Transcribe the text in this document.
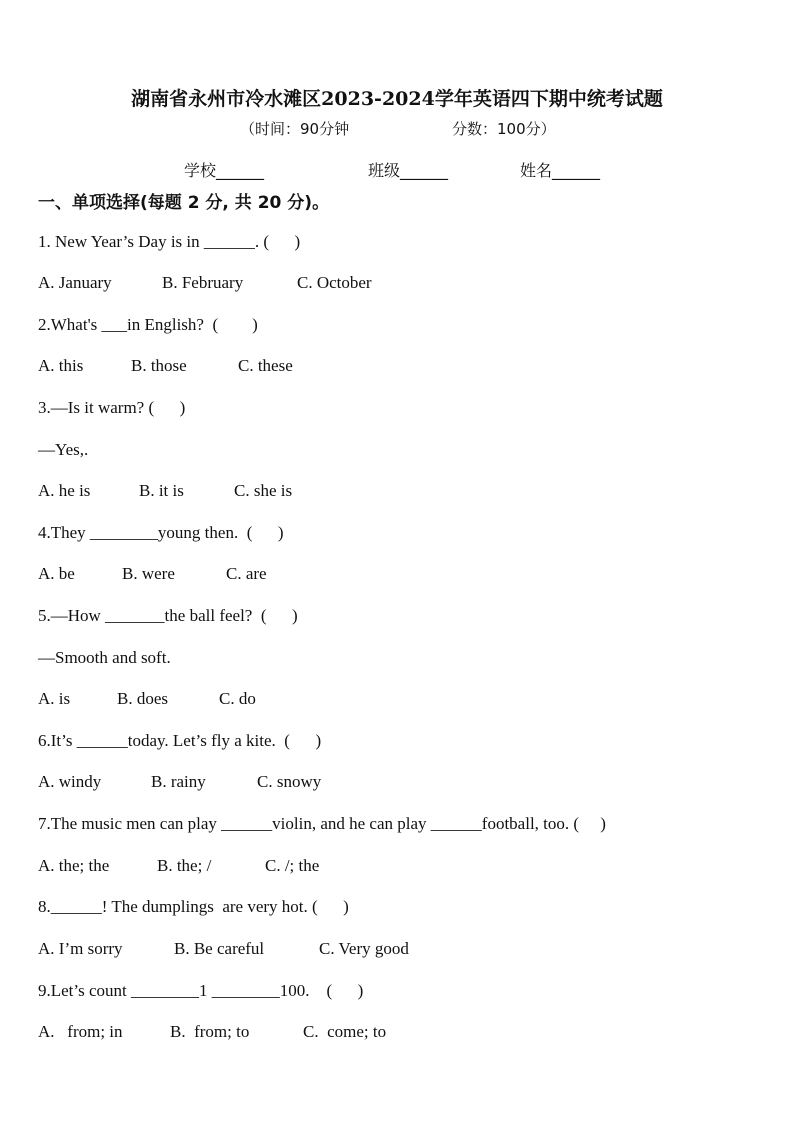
湖南省永州市冷水滩区2023-2024学年英语四下期中统考试题
（时间：90分钟	分数：100分）
学校______	班级______	姓名______
一、单项选择(每题 2 分, 共 20 分)。
1. New Year’s Day is in ______. (      )
A. January	B. February	C. October
2.What's ___in English?  (        )
A. this	B. those	C. these
3.—Is it warm? (      )
—Yes,.
A. he is	B. it is	C. she is
4.They ________young then.  (      )
A. be	B. were	C. are
5.—How _______the ball feel?  (      )
—Smooth and soft.
A. is	B. does	C. do
6.It’s ______today. Let’s fly a kite.  (      )
A. windy	B. rainy	C. snowy
7.The music men can play ______violin, and he can play ______football, too. (     )
A. the; the	B. the; /	C. /; the
8.______! The dumplings  are very hot. (      )
A. I’m sorry	B. Be careful	C. Very good
9.Let’s count ________1 ________100.    (      )
A.   from; in	B.  from; to	C.  come; to
